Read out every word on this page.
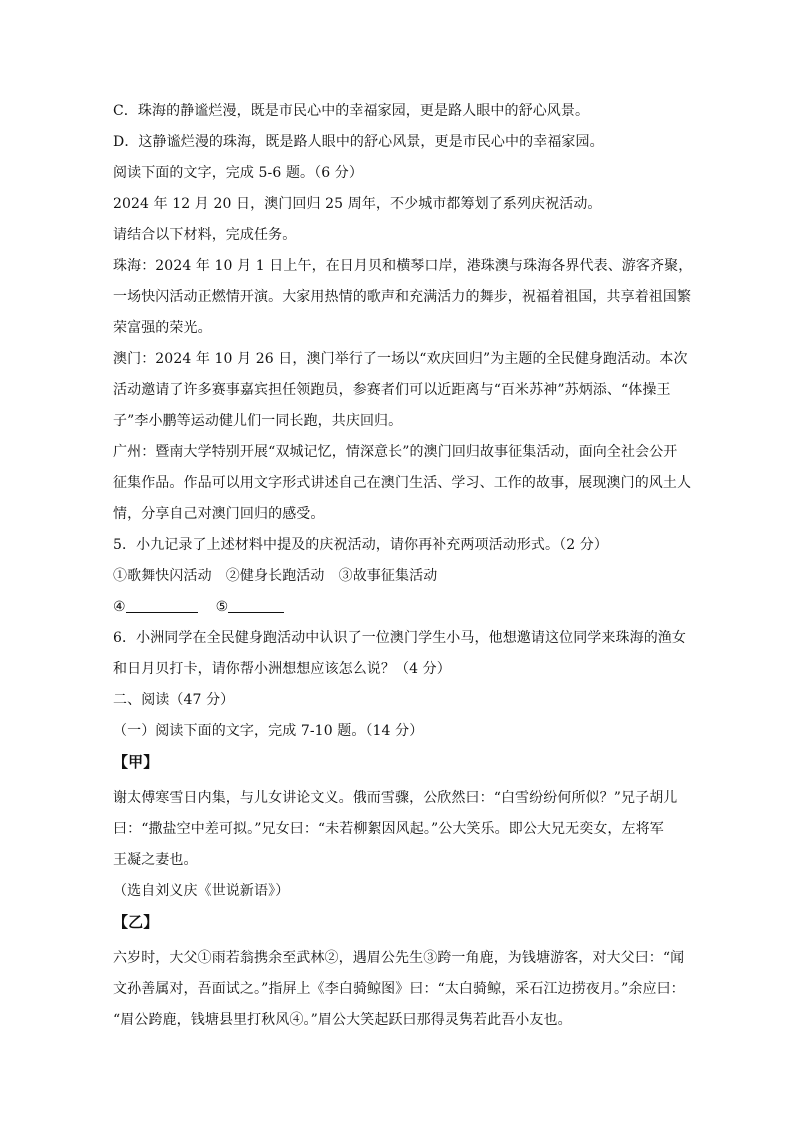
C．珠海的静谧烂漫，既是市民心中的幸福家园，更是路人眼中的舒心风景。
D．这静谧烂漫的珠海，既是路人眼中的舒心风景，更是市民心中的幸福家园。
阅读下面的文字，完成 5-6 题。（6 分）
2024 年 12 月 20 日，澳门回归 25 周年，不少城市都筹划了系列庆祝活动。
请结合以下材料，完成任务。
珠海：2024 年 10 月 1 日上午，在日月贝和横琴口岸，港珠澳与珠海各界代表、游客齐聚，
一场快闪活动正燃情开演。大家用热情的歌声和充满活力的舞步，祝福着祖国，共享着祖国繁
荣富强的荣光。
澳门：2024 年 10 月 26 日，澳门举行了一场以“欢庆回归”为主题的全民健身跑活动。本次
活动邀请了许多赛事嘉宾担任领跑员，参赛者们可以近距离与“百米苏神”苏炳添、“体操王
子”李小鹏等运动健儿们一同长跑，共庆回归。
广州：暨南大学特别开展“双城记忆，情深意长”的澳门回归故事征集活动，面向全社会公开
征集作品。作品可以用文字形式讲述自己在澳门生活、学习、工作的故事，展现澳门的风土人
情，分享自己对澳门回归的感受。
5．小九记录了上述材料中提及的庆祝活动，请你再补充两项活动形式。（2 分）
①歌舞快闪活动　②健身长跑活动　③故事征集活动
④	⑤
6．小洲同学在全民健身跑活动中认识了一位澳门学生小马，他想邀请这位同学来珠海的渔女
和日月贝打卡，请你帮小洲想想应该怎么说？（4 分）
二、阅读（47 分）
（一）阅读下面的文字，完成 7-10 题。（14 分）
【甲】
谢太傅寒雪日内集，与儿女讲论文义。俄而雪骤，公欣然曰：“白雪纷纷何所似？”兄子胡儿
曰：“撒盐空中差可拟。”兄女曰：“未若柳絮因风起。”公大笑乐。即公大兄无奕女，左将军
王凝之妻也。
（选自刘义庆《世说新语》）
【乙】
六岁时，大父①雨若翁携余至武林②，遇眉公先生③跨一角鹿，为钱塘游客，对大父曰：“闻
文孙善属对，吾面试之。”指屏上《李白骑鲸图》曰：“太白骑鲸，采石江边捞夜月。”余应曰：
“眉公跨鹿，钱塘县里打秋风④。”眉公大笑起跃曰那得灵隽若此吾小友也。
